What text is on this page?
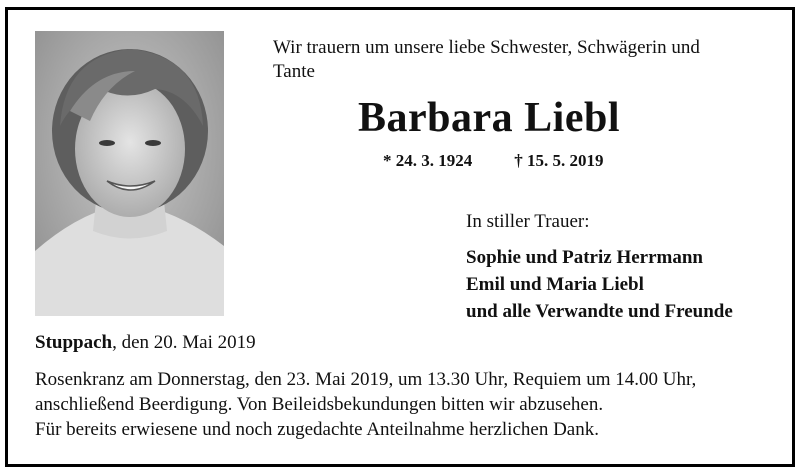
Wir trauern um unsere liebe Schwester, Schwägerin und
Tante
Barbara Liebl
* 24. 3. 1924 † 15. 5. 2019
In stiller Trauer:
Sophie und Patriz Herrmann
Emil und Maria Liebl
und alle Verwandte und Freunde
Stuppach, den 20. Mai 2019
Rosenkranz am Donnerstag, den 23. Mai 2019, um 13.30 Uhr, Requiem um 14.00 Uhr,
anschließend Beerdigung. Von Beileidsbekundungen bitten wir abzusehen.
Für bereits erwiesene und noch zugedachte Anteilnahme herzlichen Dank.
